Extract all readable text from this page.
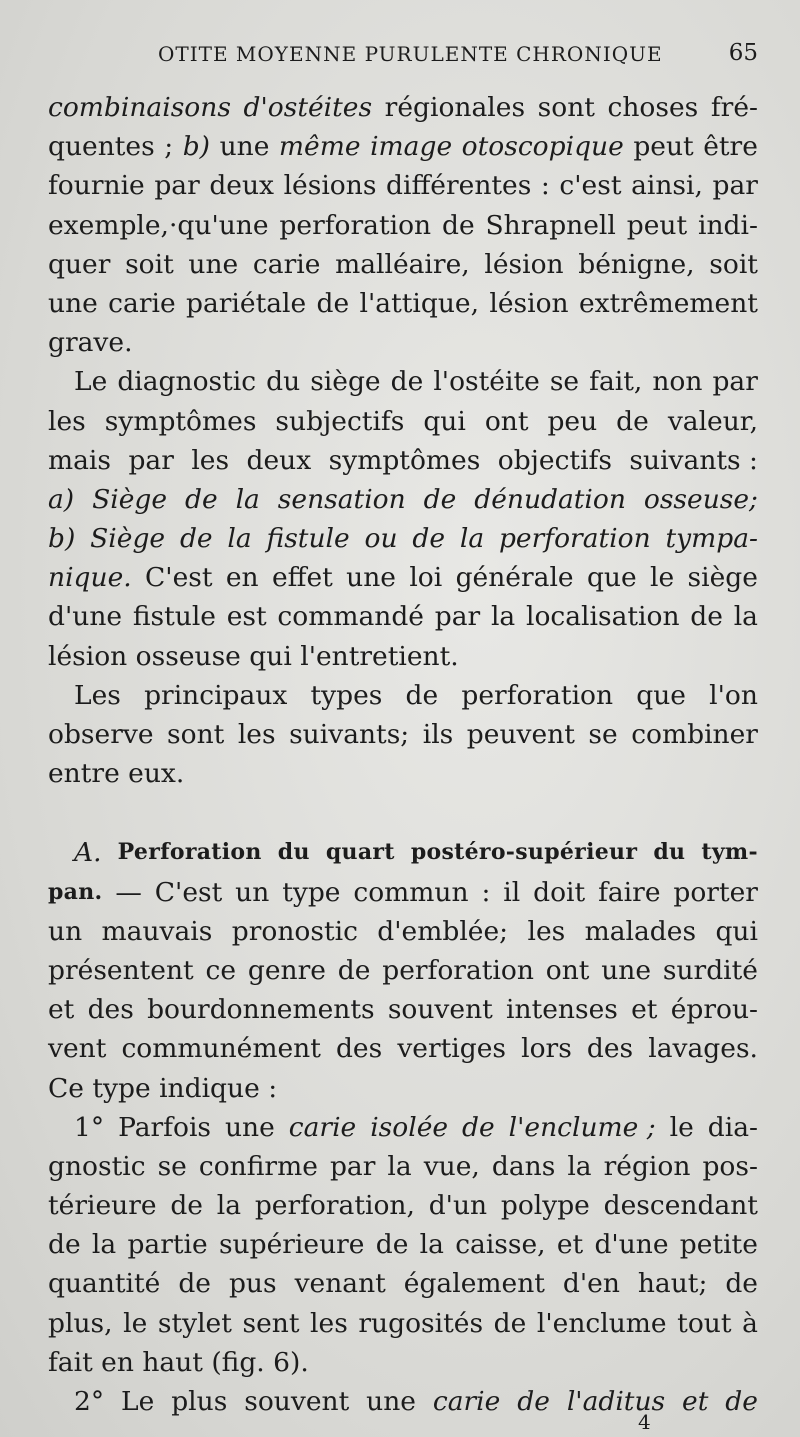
OTITE MOYENNE PURULENTE CHRONIQUE	65
combinaisons d'ostéites régionales sont choses fré-
quentes ; b) une même image otoscopique peut être
fournie par deux lésions différentes : c'est ainsi, par
exemple,·qu'une perforation de Shrapnell peut indi-
quer soit une carie malléaire, lésion bénigne, soit
une carie pariétale de l'attique, lésion extrêmement
grave.
Le diagnostic du siège de l'ostéite se fait, non par
les symptômes subjectifs qui ont peu de valeur,
mais par les deux symptômes objectifs suivants :
a) Siège de la sensation de dénudation osseuse;
b) Siège de la fistule ou de la perforation tympa-
nique. C'est en effet une loi générale que le siège
d'une fistule est commandé par la localisation de la
lésion osseuse qui l'entretient.
Les principaux types de perforation que l'on
observe sont les suivants; ils peuvent se combiner
entre eux.
A. Perforation du quart postéro-supérieur du tym-
pan. — C'est un type commun : il doit faire porter
un mauvais pronostic d'emblée; les malades qui
présentent ce genre de perforation ont une surdité
et des bourdonnements souvent intenses et éprou-
vent communément des vertiges lors des lavages.
Ce type indique :
1° Parfois une carie isolée de l'enclume ; le dia-
gnostic se confirme par la vue, dans la région pos-
térieure de la perforation, d'un polype descendant
de la partie supérieure de la caisse, et d'une petite
quantité de pus venant également d'en haut; de
plus, le stylet sent les rugosités de l'enclume tout à
fait en haut (fig. 6).
2° Le plus souvent une carie de l'aditus et de
4
